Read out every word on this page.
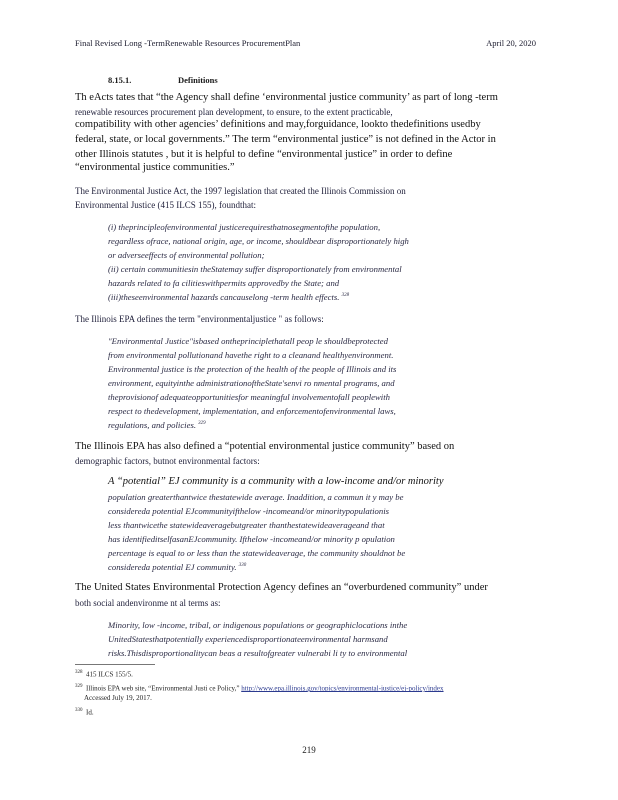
Final Revised Long -TermRenewable Resources ProcurementPlan	April 20, 2020
8.15.1.	Definitions
Th eActs tates that “the Agency shall define ‘environmental justice community’ as part of long -term
renewable resources procurement plan development, to ensure, to the extent practicable,
compatibility with other agencies’ definitions and may,forguidance, lookto thedefinitions usedby
federal, state, or local governments.” The term “environmental justice” is not defined in the Actor in
other Illinois statutes , but it is helpful to define “environmental justice” in order to define
“environmental justice communities.”
The Environmental Justice Act, the 1997 legislation that created the Illinois Commission on
Environmental Justice (415 ILCS 155), foundthat:
(i) theprincipleofenvironmental justicerequiresthatnosegmentofthe population,
regardless ofrace, national origin, age, or income, shouldbear disproportionately high
or adverseeffects of environmental pollution;
(ii) certain communitiesin theStatemay suffer disproportionately from environmental
hazards related to fa cilitieswithpermits approvedby the State; and
(iii)theseenvironmental hazards cancauselong -term health effects. $^{328}$
The Illinois EPA defines the term "environmentaljustice " as follows:
"Environmental Justice"isbased ontheprinciplethatall peop le shouldbeprotected
from environmental pollutionand havethe right to a cleanand healthyenvironment.
Environmental justice is the protection of the health of the people of Illinois and its
environment, equityinthe administrationoftheState'senvi ro nmental programs, and
theprovisionof adequateopportunitiesfor meaningful involvementofall peoplewith
respect to thedevelopment, implementation, and enforcementofenvironmental laws,
regulations, and policies. $^{329}$
The Illinois EPA has also defined a “potential environmental justice community” based on
demographic factors, butnot environmental factors:
A “potential” EJ community is a community with a low-income and/or minority
population greaterthantwice thestatewide average. Inaddition, a commun it y may be
considereda potential EJcommunityifthelow -incomeand/or minoritypopulationis
less thantwicethe statewideaveragebutgreater thanthestatewideaverageand that
has identifieditselfasanEJcommunity. Ifthelow -incomeand/or minority p opulation
percentage is equal to or less than the statewideaverage, the community shouldnot be
considereda potential EJ community. $^{330}$
The United States Environmental Protection Agency defines an “overburdened community” under
both social andenvironme nt al terms as:
Minority, low -income, tribal, or indigenous populations or geographiclocations inthe
UnitedStatesthatpotentially experiencedisproportionateenvironmental harmsand
risks.Thisdisproportionalitycan beas a resultofgreater vulnerabi li ty to environmental
$^{328}$ 415 ILCS 155/5.
$^{329}$ Illinois EPA web site, “Environmental Justi ce Policy,” http://www.epa.illinois.gov/topics/environmental-justice/ej-policy/index
Accessed July 19, 2017.
$^{330}$ Id.
219
